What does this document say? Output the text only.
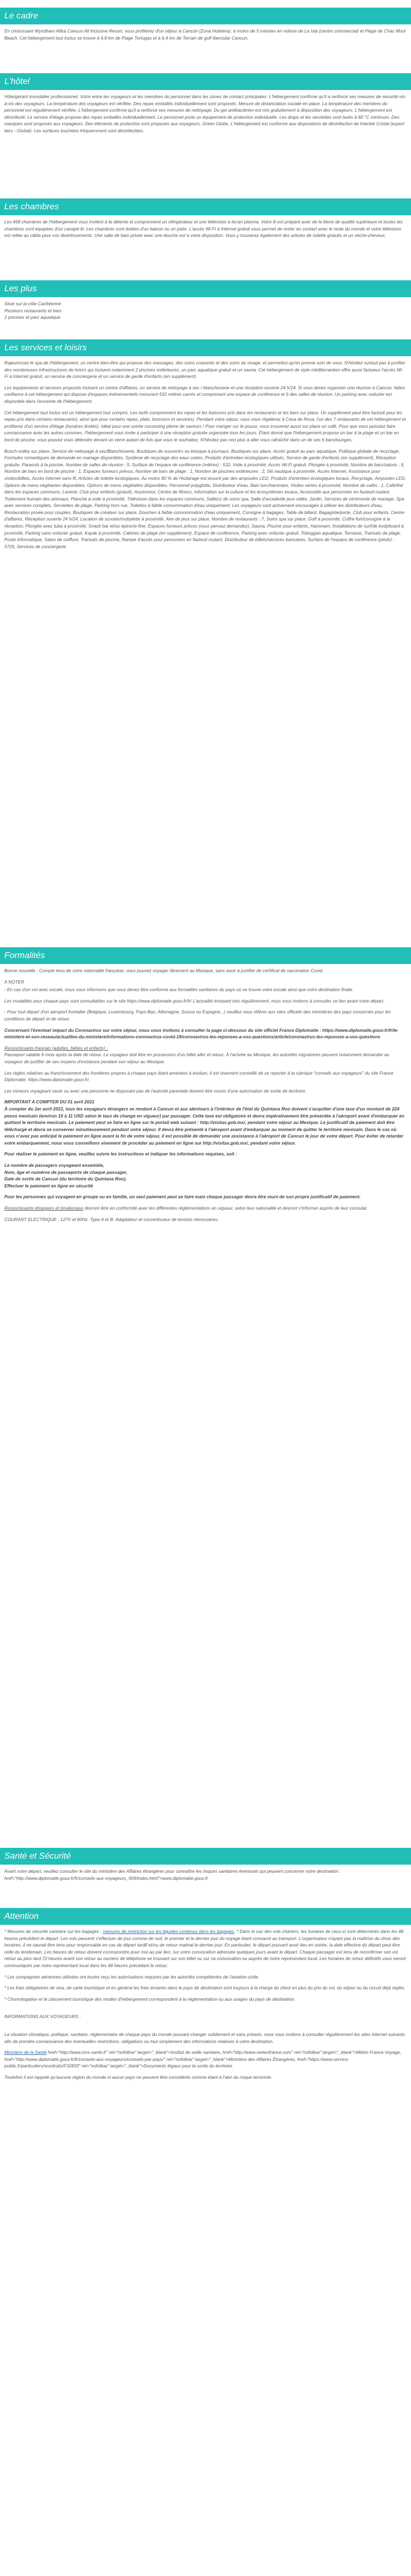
Le cadre

En choisissant Wyndham Alltra Cancun All Inclusive Resort, vous profiterez d'un séjour à Cancún (Zona Hotelera), à moins de 5 minutes en voiture de La Isla (centre commercial) et Plage de Chac Mool Beach. Cet hébergement tout inclus se trouve à 4,8 km de Plage Tortugas et à 6,4 km de Terrain de golf Iberostar Cancun.

L'hôtel

Hôte/gérant immobilier professionnel. Votre entre les voyageurs et les membres du personnel dans les zones de contact principales. L'hébergement confirme qu'il a renforcé ses mesures de sécurité vis-à-vis des voyageurs. La température des voyageurs est vérifiée. Des repas emballés individuellement sont proposés. Mesure de distanciation sociale en place. La température des membres du personnel est régulièrement vérifiée. L'hébergement confirme qu'il a renforcé ses mesures de nettoyage. Du gel antibactérien est mis gratuitement à disposition des voyageurs. L'hébergement est désinfecté. Le service d'étage propose des repas emballés individuellement. Le personnel porte un équipement de protection individuelle. Les draps et les serviettes sont lavés à 60 °C minimum. Des masques sont proposés aux voyageurs. Des éléments de protection sont proposés aux voyageurs. Green Globe. L'hébergement est conforme aux dispositions de désinfection de Intertek Cristal (expert tiers - Global). Les surfaces touchées fréquemment sont désinfectées.

Les chambres

Les 458 chambres de l'hébergement vous invitent à la détente et comprennent un réfrigérateur et une télévision à écran plasma. Votre lit est préparé avec de la literie de qualité supérieure et toutes les chambres sont équipées d'un canapé-lit. Les chambres sont dotées d'un balcon ou un patio. L'accès Wi-Fi à Internet gratuit vous permet de rester en contact avec le reste du monde et votre télévision est reliée au câble pour vos divertissements. Une salle de bain privée avec une douche est à votre disposition. Vous y trouverez également des articles de toilette gratuits et un sèche-cheveux.

Les plus

Situé sur la côte Caribéenne

Plusieurs restaurants et bars

2 piscines et parc aquatique

Les services et loisirs

Rajeunissez le spa de l'hébergement, un centre bien-être qui propose des massages, des soins corporels et des soins du visage, et permettez-qu'en prenne soin de vous. N'hésitez surtout pas à profiter des nombreuses infrastructures de loisirs qui incluent notamment 2 piscines extérieures, un parc aquatique gratuit et un sauna. Cet hébergement de style méditerranéen offre aussi fastueux l'accès Wi-Fi à Internet gratuit, un service de conciergerie et un service de garde d'enfants (en supplément).

Les équipements et services proposés incluent un centre d'affaires, un service de nettoyage à sec / blanchisserie et une réception ouverte 24 h/24. Si vous devez organiser une réunion à Cancún, faites confiance à cet hébergement qui dispose d'espaces événementiels mesurant 532 mètres carrés et comprenant une espace de conférence et 5 des salles de réunion. Un parking avec voiturier est disponible dans l'enceinte de l'hébergement.

Cet hébergement tout inclus est un hébergement tout compris. Les tarifs comprennent les repas et les boissons pris dans les restaurants et les bars sur place. Un supplément peut être facturé pour les repas pris dans certains restaurants), ainsi que pour certains repas, plats, boissons et services). Pendant votre séjour, vous vous régalerez à Casa de Rosa, l'un des 7 restaurants de cet hébergement et profiterez d'un service d'étage (horaires limités). Idéal pour une soirée cocooning pleine de saveurs ! Pour manger sur le pouce, vous trouverez aussi sur place un café. Pour que vous puissiez faire connaissance avec les autres convives, l'hébergement vous invite à participer à une réception gratuite organisée tous les jours. Étant donné que l'hébergement propose un bar à la plage et un bar en bord de piscine, vous pouvez vous détendre devant un verre autant de fois que vous le souhaitez. N'hésitez pas non plus à aller vous rafraîchir dans un de ses 6 bars/lounges.

Bosch-volley sur place, Service de nettoyage à sec/Blanchisserie, Boutiques de souvenirs ou kiosque à journaux, Boutiques sur place, Accès gratuit au parc aquatique, Politique globale de recyclage, Formules romantiques de demande en mariage disponibles, Système de recyclage des eaux usées, Produits d'entretien écologiques utilisés, Service de garde d'enfants (en supplément), Réception gratuite, Parasols à la piscine, Nombre de salles de réunion : 5, Surface de l'espace de conférence (mètres) : 532, Voile à proximité, Accès Wi-Fi gratuit, Plongée à proximité, Nombre de bars/salons : 6, Nombre de bars en bord de piscine : 1, Espaces fumeurs prévus, Nombre de bars de plage : 1, Nombre de piscines extérieures : 2, Ski nautique à proximité, Accès Internet, Assistance pour visites/billets, Accès Internet sans fil, Articles de toilette écologiques, Au moins 80 % de l'éclairage est assuré par des ampoules LED, Produits d'entretien écologiques locaux, Recyclage, Ampoules LED, Options de menu végétarien disponibles, Options de menu végétalien disponibles, Personnel polyglotte, Distributeur d'eau, Bain turc/hammam, Visites vertes à proximité, Nombre de cafés : 1, Café/thé dans les espaces communs, Laverie, Club pour enfants (gratuit), Ascenseur, Centre de fitness, Information sur la culture et les écosystèmes locaux, Accessible aux personnes en fauteuil roulant, Traitement humain des animaux, Planche à voile à proximité, Télévision dans les espaces communs, Salle(s) de soins spa, Salle d'arcade/de jeux vidéo, Jardin, Services de cérémonie de mariage, Spa avec services complets, Serviettes de plage, Parking hors rue, Toilettes à faible consommation d'eau uniquement, Les voyageurs sont activement encouragés à utiliser les distributeurs d'eau, Restauration privée pour couples, Boutiques de créateur sur place, Douches à faible consommation d'eau uniquement, Consigne à bagages, Table de billard, Bagagiste/porte, Club pour enfants, Centre d'affaires, Réception ouverte 24 h/24, Location de scooter/mobylette à proximité, Aire de jeux sur place, Nombre de restaurants : 7, Soins spa sur place, Golf à proximité, Coffre-fort/consigne à la réception, Plongée avec tuba à proximité, Snack bar et/ou épicerie fine, Espaces fumeurs prévus (vous pensez demandez), Sauna, Piscine pour enfants, Hammam, Installations de surf/de bodyboard à proximité, Parking sans voiturier gratuit, Kayak à proximité, Cabines de plage (en supplément), Espace de conférence, Parking avec voiturier gratuit, Toboggan aquatique, Terrasse, Transats de plage, Poste informatique, Salon de coiffure, Transats de piscine, Rampe d'accès pour personnes en fauteuil roulant, Distributeur de billets/services bancaires, Surface de l'espace de conférence (pieds) : 5726, Services de conciergerie

Formalités

Bonne nouvelle : Compte tenu de votre nationalité française, vous pouvez voyager librement au Mexique, sans avoir à justifier de certificat de vaccination Covid.

A NOTER

- En cas d'un vol avec escale, nous vous informons que vous devez être conforme aux formalités sanitaires du pays où se trouve votre escale ainsi que votre destination finale.

Les modalités pour chaque pays sont consultables sur le site https://www.diplomatie.gouv.fr/fr/ L'actualité évoluant très régulièrement, nous vous invitons à consulter ce lien avant votre départ.

- Pour tout départ d'un aéroport frontalier (Belgique, Luxembourg, Pays-Bas, Allemagne, Suisse ou Espagne...) veuillez vous référer aux sites officiels des ministères des pays concernés pour les conditions de départ et de retour.

Concernant l'éventuel impact du Coronavirus sur votre séjour, nous vous invitons à consulter la page ci-dessous du site officiel France Diplomatie : https://www.diplomatie.gouv.fr/fr/le-ministere-et-son-reseau/actualites-du-ministere/informations-coronavirus-covid-19/coronavirus-les-reponses-a-vos-questions/article/coronavirus-les-reponses-a-vos-questions

Ressortissants français (adultes, bébés et enfants) :
Passeport valable 6 mois après la date de retour. Le voyageur doit être en possession d'un billet aller et retour. À l'arrivée au Mexique, les autorités migratoires peuvent notamment demander au voyageur de justifier de ses moyens d'existence pendant son séjour au Mexique.

Les règles relatives au franchissement des frontières propres à chaque pays étant amenées à évoluer, il est vivement conseillé de se reporter à la rubrique "conseils aux voyageurs" du site France Diplomatie, https://www.diplomatie.gouv.fr/.

Les mineurs voyageant seuls ou avec une personne ne disposant pas de l'autorité parentale doivent être munis d'une autorisation de sortie de territoire.

IMPORTANT A COMPTER DU 01 avril 2021
À compter du 1er avril 2021, tous les voyageurs étrangers se rendant à Cancun et aux alentours à l'intérieur de l'état du Quintana Roo doivent s'acquitter d'une taxe d'un montant de 224 pesos mexicain (environ 10 à 11 USD selon le taux de change en vigueur) par passager. Cette taxe est obligatoire et devra impérativement être présentée à l'aéroport avant d'embarquer en quittant le territoire mexicain. Le paiement peut se faire en ligne sur le portail web suivant : http://visitax.gob.mx/, pendant votre séjour au Mexique. Le justificatif de paiement doit être téléchargé et devra se conserver minutieusement pendant votre séjour. Il devra être présenté à l'aéroport avant d'embarquer au moment de quitter le territoire mexicain. Dans le cas où vous n'avez pas anticipé le paiement en ligne avant la fin de votre séjour, il est possible de demander une assistance à l'aéroport de Cancun le jour de votre départ. Pour éviter de retarder votre embarquement, nous vous conseillons vivement de procéder au paiement en ligne sur http://visitax.gob.mx/, pendant votre séjour.

Pour réaliser le paiement en ligne, veuillez suivre les instructions et indiquer les informations requises, soit :

Le nombre de passagers voyageant ensemble,

Nom, âge et numéros de passeports de chaque passager,

Date de sortie de Cancun (du territoire du Quintana Roo),

Effectuer le paiement en ligne en sécurité

Pour les personnes qui voyagent en groupe ou en famille, un seul paiement peut se faire mais chaque passager devra être muni de son propre justificatif de paiement.

Ressortissants étrangers et binationaux devront être en conformité avec les différentes réglementations en vigueur, selon leur nationalité et devront s'informer auprès de leur consulat.

COURANT ELECTRIQUE : 127V et 60Hz. Type A et B. Adaptateur et convertisseur de tension nécessaires.

Santé et Sécurité

Avant votre départ, veuillez consulter le site du ministère des Affaires étrangères pour connaître les risques sanitaires éventuels qui peuvent concerner votre destination : href="http://www.diplomatie.gouv.fr/fr/conseils-aux-voyageurs_909/index.html">www.diplomatie.gouv.fr

Attention

* Mesures de sécurité sanitaire sur les bagages : mesures de restriction sur les liquides contenus dans les bagages. * Dans le cas des vols charters, les horaires de ceux-ci sont déterminés dans les 48 heures précédent le départ. Les vols peuvent s'effectuer de jour comme de nuit, le premier et le dernier jour du voyage étant consacré au transport. L'organisateur n'ayant pas la maîtrise du choix des horaires, il ne saurait être tenu pour responsable en cas de départ tardif et/ou de retour matinal le dernier jour. En particulier, le départ pouvant avoir lieu en soirée, la date effective du départ peut être celle du lendemain. Les heures de retour doivent correspondre pour moi au par lien, sur votre convocation adressée quelques jours avant le départ. Chaque passager est tenu de reconfirmer son vol retour au plus tard 72 heures avant son retour au numéro de téléphone se trouvant sur son billet ou sur sa convocation ou auprès de notre représentant local. Les horaires de retour définitifs vous seront communiqués par notre représentant local dans les 48 heures précédant le retour.

* Les compagnies aériennes utilisées ont toutes reçu les autorisations requises par les autorités compétentes de l'aviation civile.

* Les frais obligatoires de visa, de carte touristique et en général les frais émanés dans le pays de destination sont toujours à la charge du client en plus du prix du vol, du séjour ou du circuit déjà réglés.

* Chomologation et le classement touristique des modes d'hébergement correspondent à la réglementation ou aux usages du pays de destination.

INFORMATIONS AUX VOYAGEURS :

La situation climatique, politique, sanitaire, réglementaire de chaque pays du monde pouvant changer subitement et sans préavis, nous vous invitons à consulter régulièrement les sites Internet suivants afin de prendre connaissance des éventuelles restrictions, obligations ou tout simplement des informations relatives à votre destination.

Ministère de la Santé href="http://www.invs.santé.fr" rel="nofollow" target="_blank">Institut de veille sanitaire, href="http://www.meteofrance.com" rel="nofollow" target="_blank">Météo France Voyage, href="http://www.diplomatie.gouv.fr/fr/conseils-aux-voyageurs/conseils-par-pays/" rel="nofollow" target="_blank">Ministère des Affaires Étrangères, href="https://www.service-public.fr/particuliers/vosdroits/F32833" rel="nofollow" target="_blank">Documents légaux pour la sortie du territoire.

Toutefois il est rappelé qu'aucune région du monde ni aucun pays ne peuvent être considérés comme étant à l'abri du risque terroriste.
